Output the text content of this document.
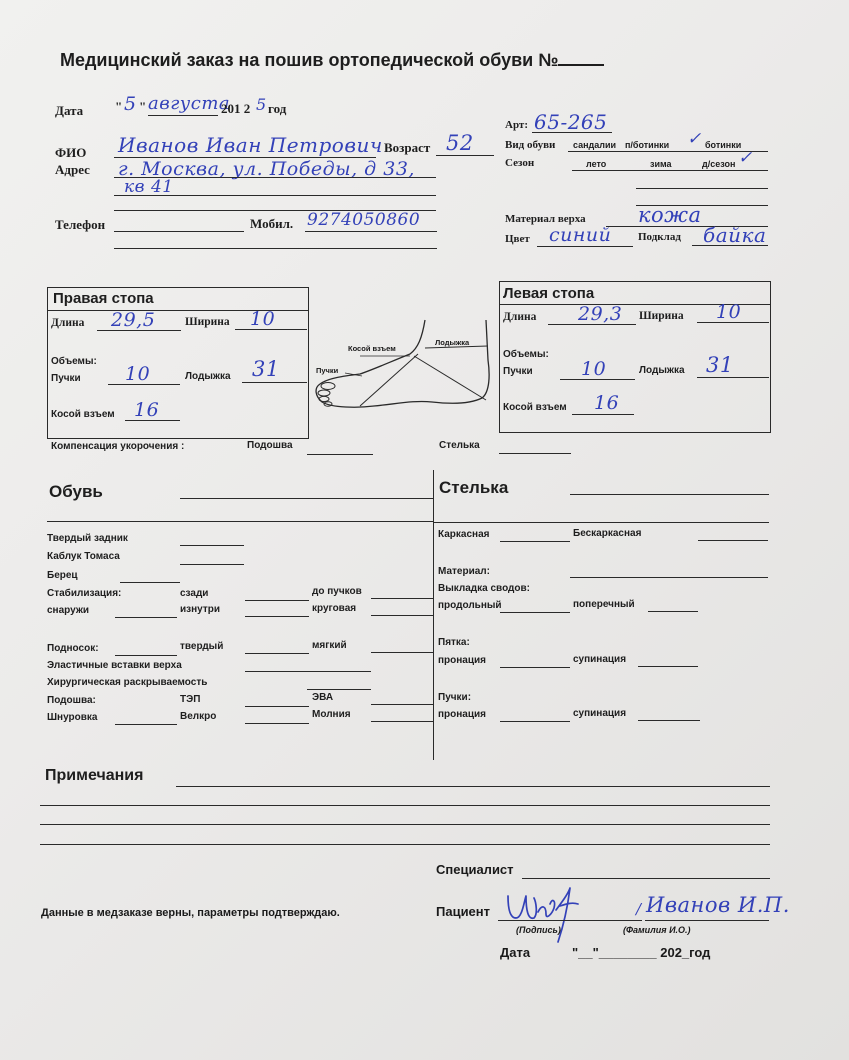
Медицинский заказ на пошив ортопедической обуви №
Дата " 5 " августа
201 2 5 год
ФИО Иванов Иван Петрович Возраст 52
Адрес г. Москва, ул. Победы, д 33,
кв 41
Телефон	Мобил. 9274050860
Арт: 65-265
Вид обуви сандалии п/ботинки ✓ ботинки
Сезон	лето	зима	д/сезон ✓
Материал верха кожа
Цвет синий Подклад байка
Правая стопа
Длина 29,5	Ширина 10
Объемы:
Пучки 10	Лодыжка 31
Косой взъем 16
Косой взъем
Лодыжка
Пучки
Левая стопа
Длина 29,3 Ширина 10
Объемы:
Пучки	10	Лодыжка 31
Косой взъем 16
Компенсация укорочения :	Подошва	Стелька
Обувь	Стелька
Твердый задник
Каблук Томаса
Берец
Стабилизация:	сзади	до пучков
снаружи	изнутри	круговая
Подносок:	твердый	мягкий
Эластичные вставки верха
Хирургическая раскрываемость
Подошва:	ТЭП	ЭВА
Шнуровка	Велкро	Молния
Каркасная	Бескаркасная
Материал:
Выкладка сводов:
продольный	поперечный
Пятка:
пронация	супинация
Пучки:
пронация	супинация
Примечания
Специалист
Данные в медзаказе верны, параметры подтверждаю.	Пациент	/ Иванов И.П.
(Подпись)	(Фамилия И.О.)
Дата	"__"________ 202_год
